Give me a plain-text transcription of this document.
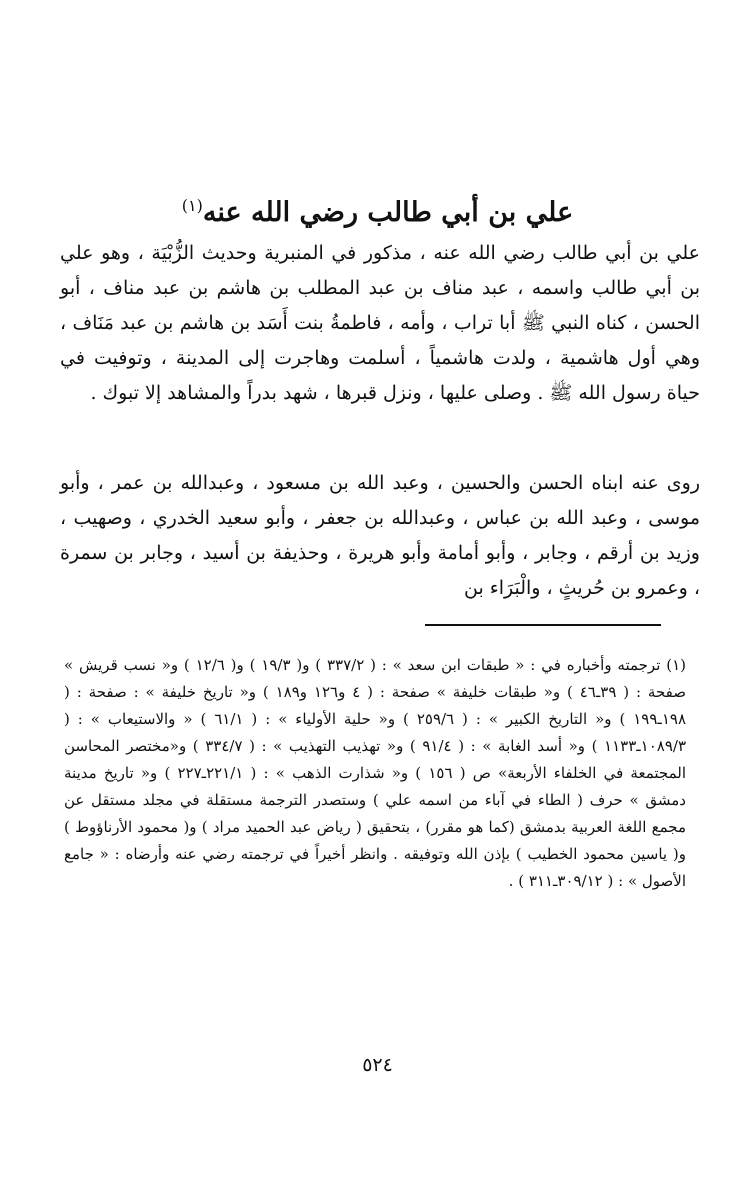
علي بن أبي طالب رضي الله عنه$^{(١)}$

علي بن أبي طالب رضي الله عنه ، مذكور في المنبرية وحديث الزُّبْيَة ، وهو علي بن أبي طالب واسمه ، عبد مناف بن عبد المطلب بن هاشم بن عبد مناف ، أبو الحسن ، كناه النبي ﷺ أبا تراب ، وأمه ، فاطمةُ بنت أَسَد بن هاشم بن عبد مَنَاف ، وهي أول هاشمية ، ولدت هاشمياً ، أسلمت وهاجرت إلى المدينة ، وتوفيت في حياة رسول الله ﷺ . وصلى عليها ، ونزل قبرها ، شهد بدراً والمشاهد إلا تبوك .

روى عنه ابناه الحسن والحسين ، وعبد الله بن مسعود ، وعبدالله بن عمر ، وأبو موسى ، وعبد الله بن عباس ، وعبدالله بن جعفر ، وأبو سعيد الخدري ، وصهيب ، وزيد بن أرقم ، وجابر ، وأبو أمامة وأبو هريرة ، وحذيفة بن أسيد ، وجابر بن سمرة ، وعمرو بن حُريثٍ ، والْبَرَاء بن

(١) ترجمته وأخباره في : « طبقات ابن سعد » : ( ٣٣٧/٢ ) و( ١٩/٣ ) و( ١٢/٦ ) و« نسب قريش » صفحة : ( ٣٩ـ٤٦ ) و« طبقات خليفة » صفحة : ( ٤ و١٢٦ و١٨٩ ) و« تاريخ خليفة » : صفحة : ( ١٩٨ـ١٩٩ ) و« التاريخ الكبير » : ( ٢٥٩/٦ ) و« حلية الأولياء » : ( ٦١/١ ) « والاستيعاب » : ( ١٠٨٩/٣ـ١١٣٣ ) و« أسد الغابة » : ( ٩١/٤ ) و« تهذيب التهذيب » : ( ٣٣٤/٧ ) و«مختصر المحاسن المجتمعة في الخلفاء الأربعة» ص ( ١٥٦ ) و« شذارت الذهب » : ( ٢٢١/١ـ٢٢٧ ) و« تاريخ مدينة دمشق » حرف ( الطاء في آباء من اسمه علي ) وستصدر الترجمة مستقلة في مجلد مستقل عن مجمع اللغة العربية بدمشق (كما هو مقرر) ، بتحقيق ( رياض عبد الحميد مراد ) و( محمود الأرناؤوط ) و( ياسين محمود الخطيب ) بإذن الله وتوفيقه . وانظر أخيراً في ترجمته رضي عنه وأرضاه : « جامع الأصول » : ( ٣٠٩/١٢ـ٣١١ ) .
٥٢٤
